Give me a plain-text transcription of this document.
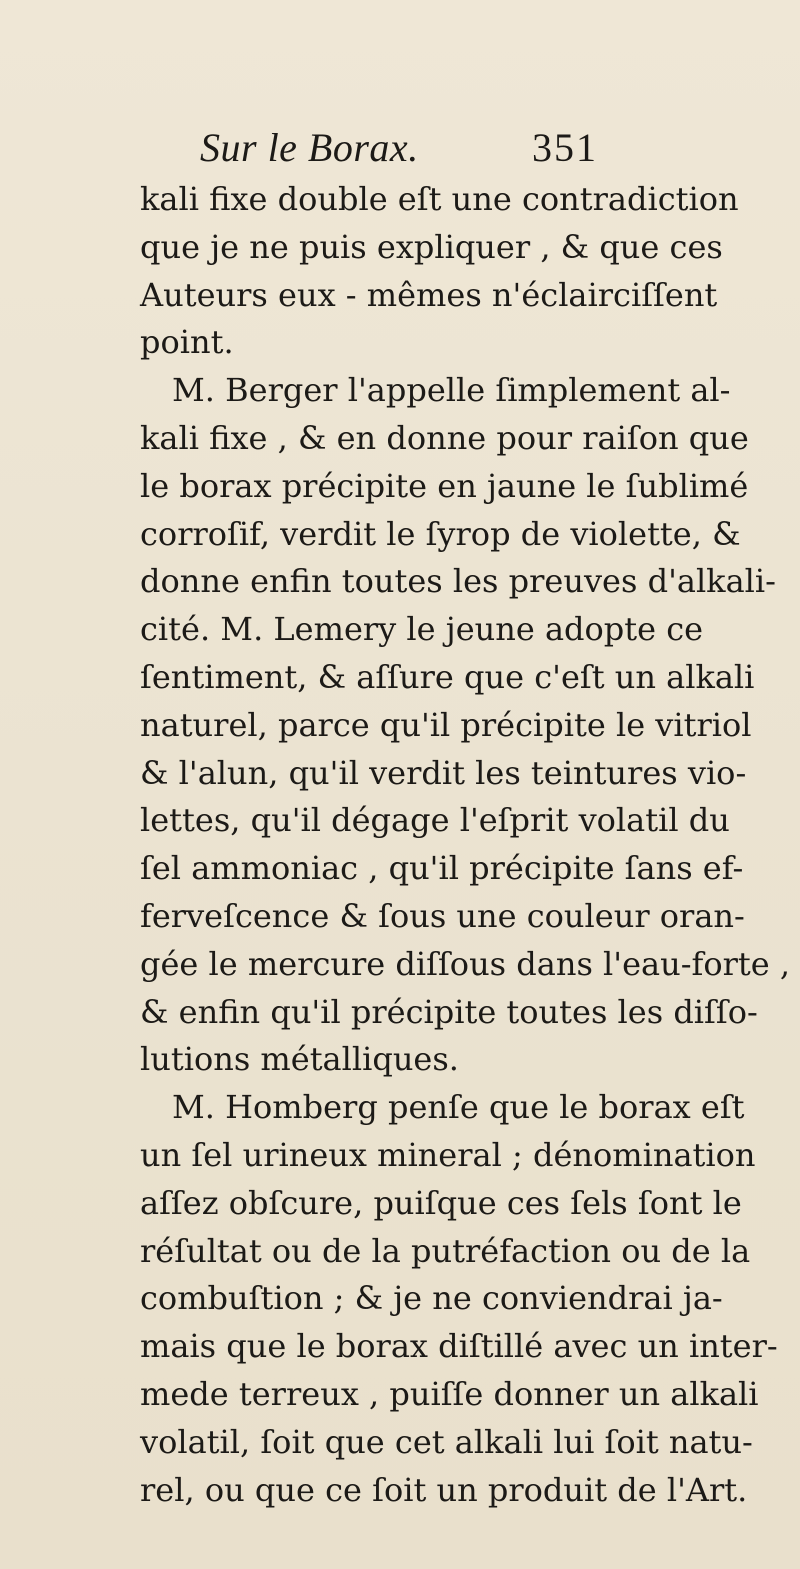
Sur le Borax.	351
kali fixe double eſt une contradiction
que je ne puis expliquer , & que ces
Auteurs eux - mêmes n'éclairciſſent
point.
M. Berger l'appelle ſimplement al-
kali fixe , & en donne pour raiſon que
le borax précipite en jaune le ſublimé
corroſif, verdit le ſyrop de violette, &
donne enfin toutes les preuves d'alkali-
cité. M. Lemery le jeune adopte ce
ſentiment, & aſſure que c'eſt un alkali
naturel, parce qu'il précipite le vitriol
& l'alun, qu'il verdit les teintures vio-
lettes, qu'il dégage l'eſprit volatil du
ſel ammoniac , qu'il précipite ſans ef-
ferveſcence & ſous une couleur oran-
gée le mercure diſſous dans l'eau-forte ,
& enfin qu'il précipite toutes les diſſo-
lutions métalliques.
M. Homberg penſe que le borax eſt
un ſel urineux mineral ; dénomination
aſſez obſcure, puiſque ces ſels ſont le
réſultat ou de la putréfaction ou de la
combuſtion ; & je ne conviendrai ja-
mais que le borax diſtillé avec un inter-
mede terreux , puiſſe donner un alkali
volatil, ſoit que cet alkali lui ſoit natu-
rel, ou que ce ſoit un produit de l'Art.
